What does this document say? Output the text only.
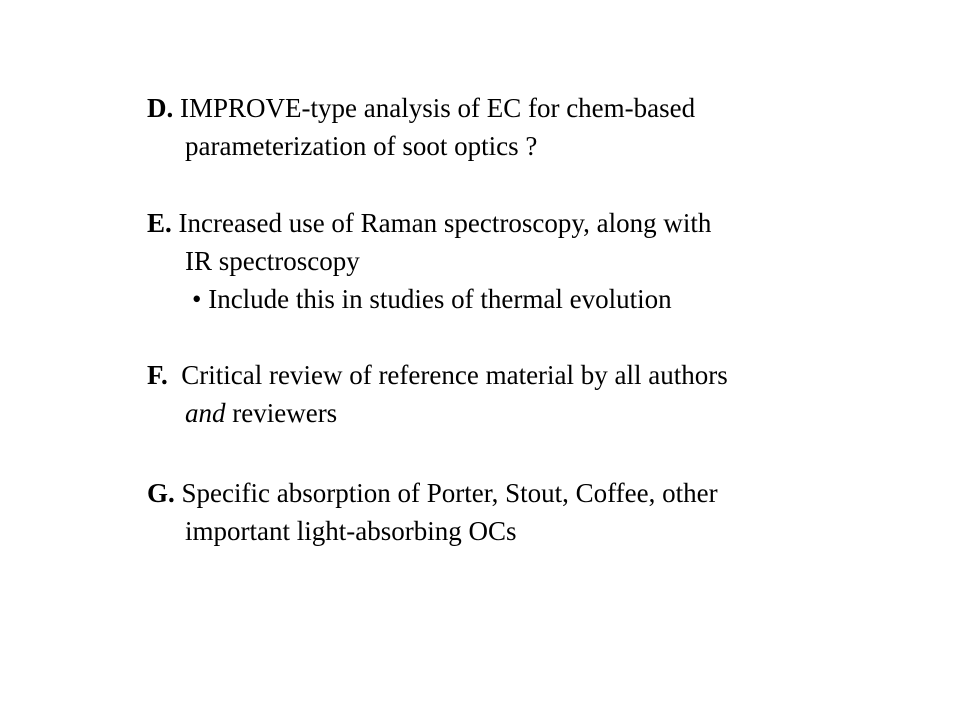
D. IMPROVE-type analysis of EC for chem-based
parameterization of soot optics ?
E. Increased use of Raman spectroscopy, along with
IR spectroscopy
• Include this in studies of thermal evolution
F. Critical review of reference material by all authors
and reviewers
G. Specific absorption of Porter, Stout, Coffee, other
important light-absorbing OCs
